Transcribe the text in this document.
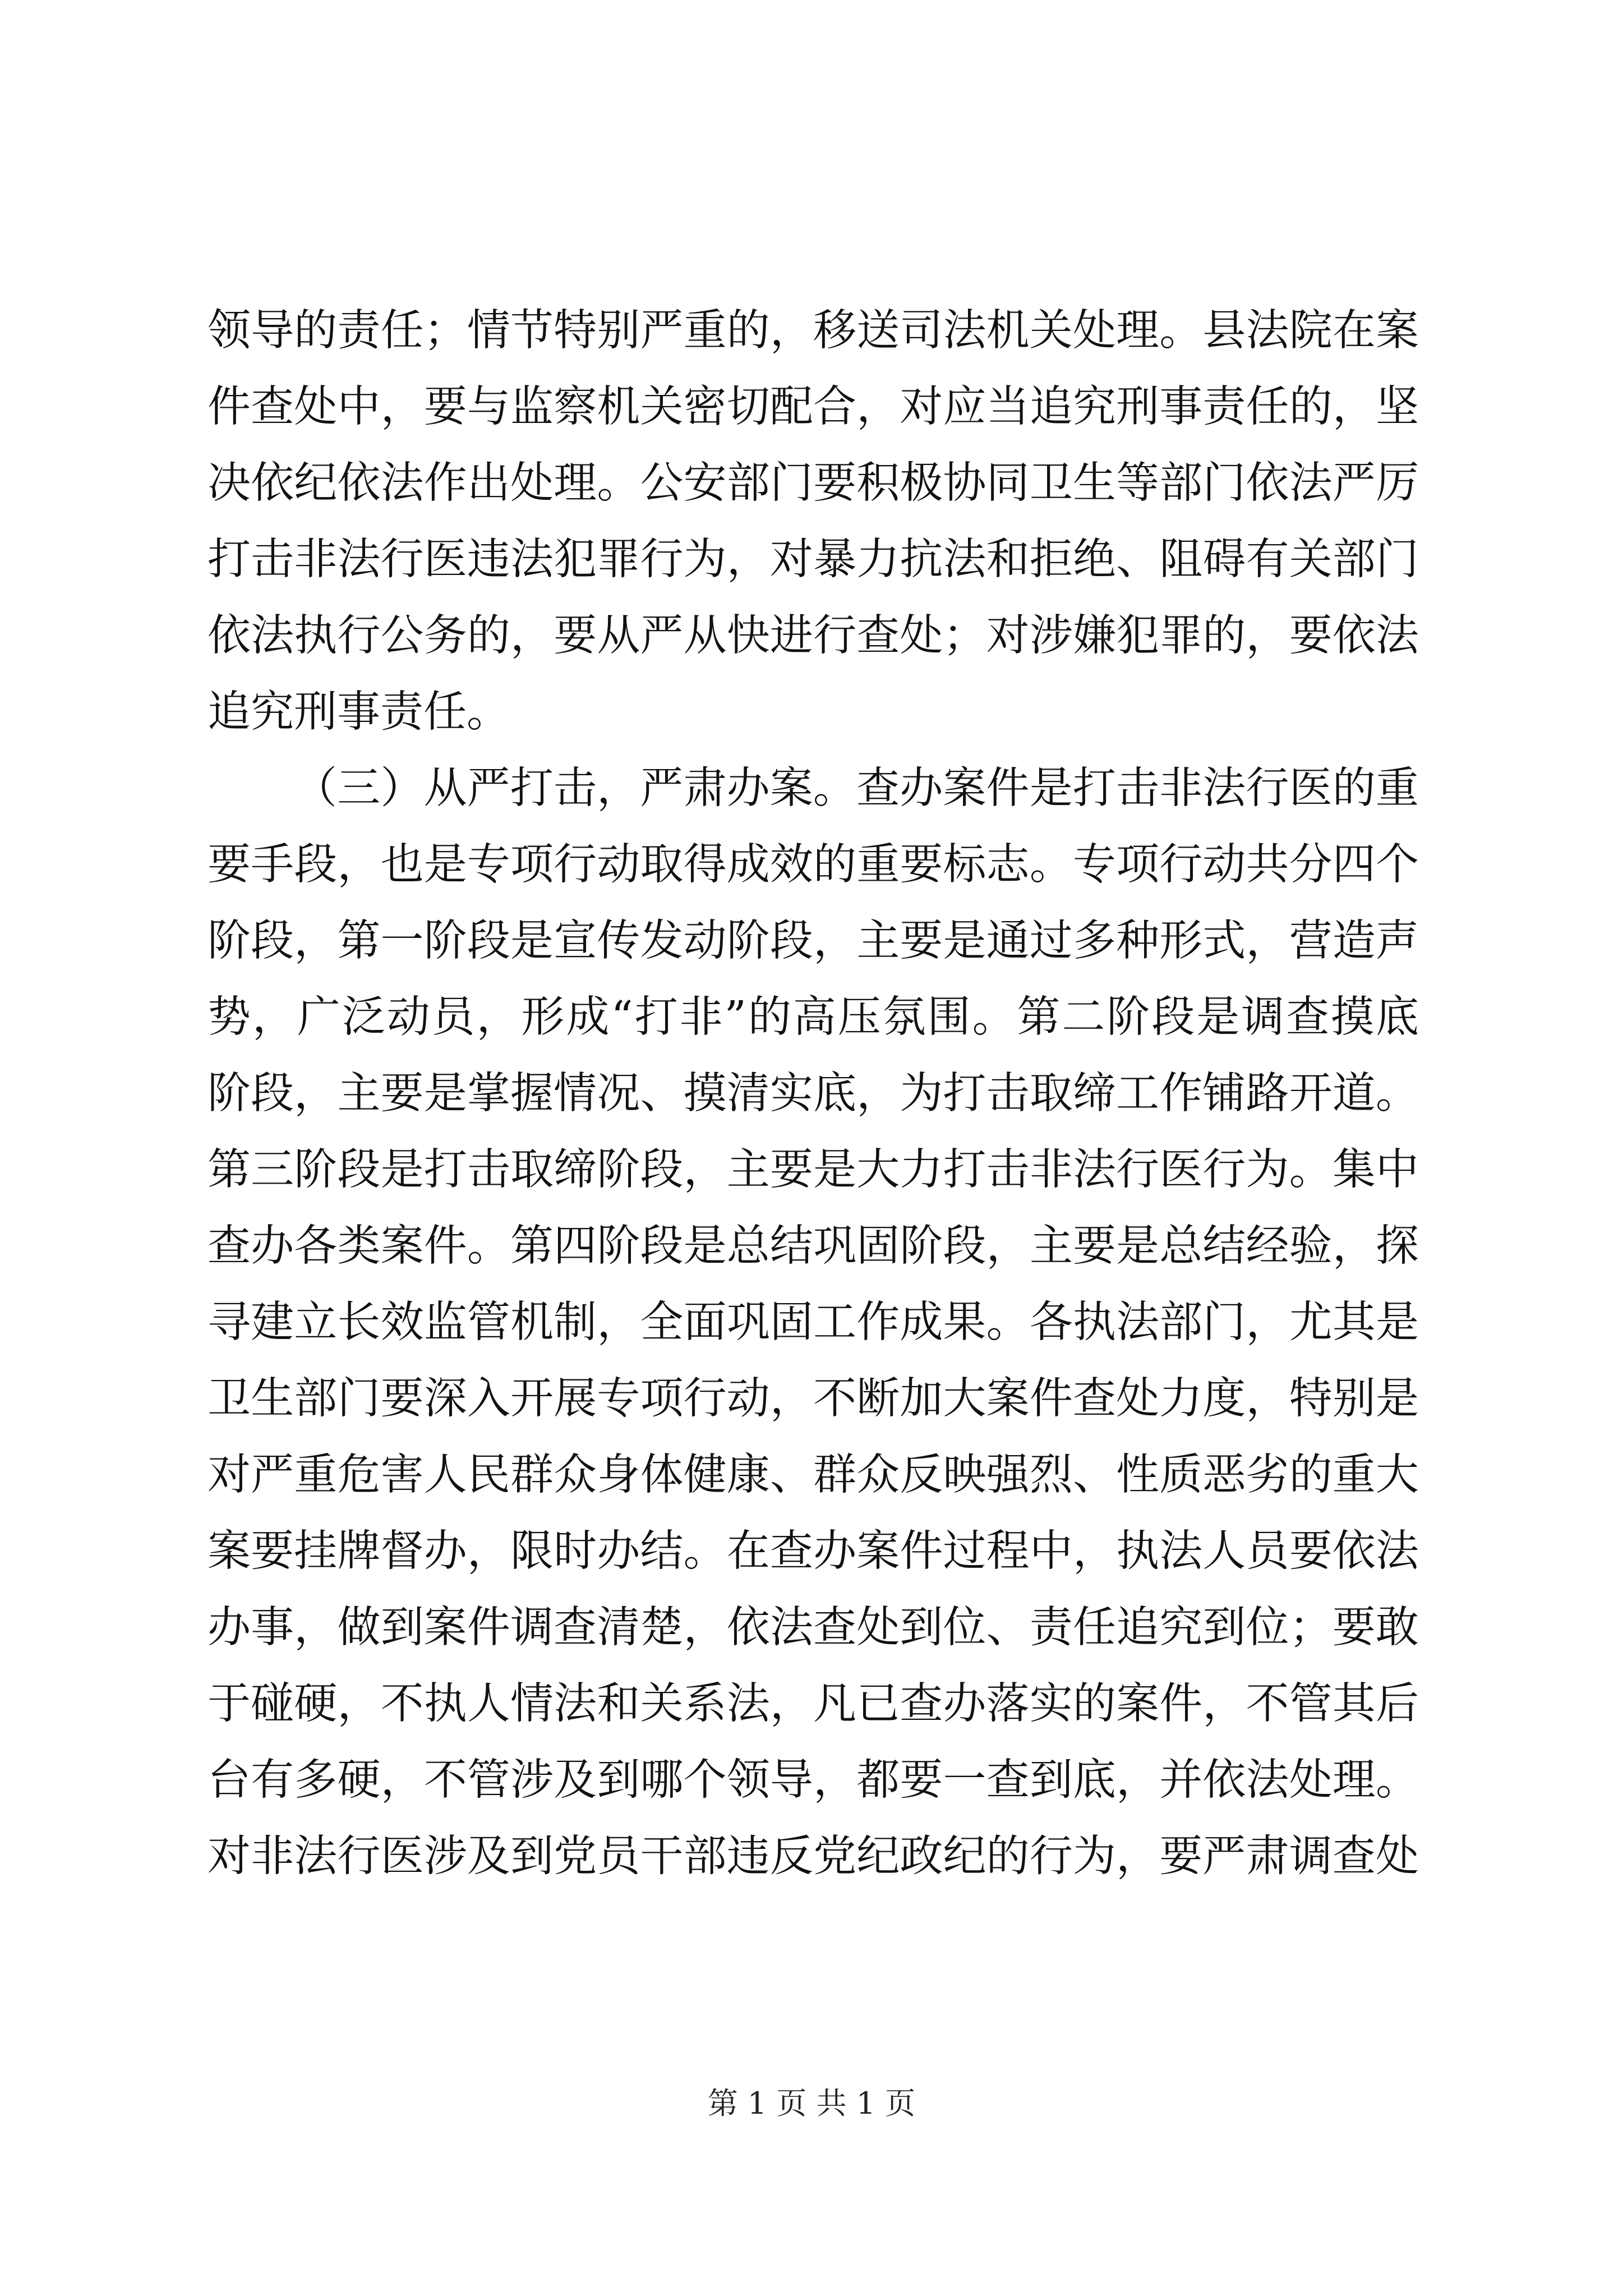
领导的责任；情节特别严重的，移送司法机关处理。县法院在案
件查处中，要与监察机关密切配合，对应当追究刑事责任的，坚
决依纪依法作出处理。公安部门要积极协同卫生等部门依法严厉
打击非法行医违法犯罪行为，对暴力抗法和拒绝、阻碍有关部门
依法执行公务的，要从严从快进行查处；对涉嫌犯罪的，要依法
追究刑事责任。
（三）从严打击，严肃办案。查办案件是打击非法行医的重
要手段，也是专项行动取得成效的重要标志。专项行动共分四个
阶段，第一阶段是宣传发动阶段，主要是通过多种形式，营造声
势，广泛动员，形成“打非”的高压氛围。第二阶段是调查摸底
阶段，主要是掌握情况、摸清实底，为打击取缔工作铺路开道。
第三阶段是打击取缔阶段，主要是大力打击非法行医行为。集中
查办各类案件。第四阶段是总结巩固阶段，主要是总结经验，探
寻建立长效监管机制，全面巩固工作成果。各执法部门，尤其是
卫生部门要深入开展专项行动，不断加大案件查处力度，特别是
对严重危害人民群众身体健康、群众反映强烈、性质恶劣的重大
案要挂牌督办，限时办结。在查办案件过程中，执法人员要依法
办事，做到案件调查清楚，依法查处到位、责任追究到位；要敢
于碰硬，不执人情法和关系法，凡已查办落实的案件，不管其后
台有多硬，不管涉及到哪个领导，都要一查到底，并依法处理。
对非法行医涉及到党员干部违反党纪政纪的行为，要严肃调查处
第 1 页 共 1 页
